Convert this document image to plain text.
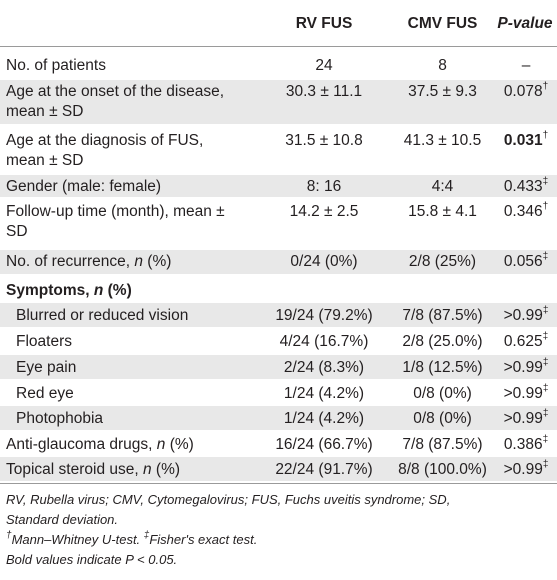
RV FUS	CMV FUS	P-value
No. of patients	24	8	–
Age at the onset of the disease,
mean ± SD
30.3 ± 11.1	37.5 ± 9.3	0.078†
Age at the diagnosis of FUS,
mean ± SD
31.5 ± 10.8	41.3 ± 10.5	0.031†
Gender (male: female)	8: 16	4:4	0.433‡
Follow-up time (month), mean ±
SD
14.2 ± 2.5	15.8 ± 4.1	0.346†
No. of recurrence, n (%)	0/24 (0%)	2/8 (25%)	0.056‡
Symptoms, n (%)
Blurred or reduced vision	19/24 (79.2%)	7/8 (87.5%)	>0.99‡
Floaters	4/24 (16.7%)	2/8 (25.0%)	0.625‡
Eye pain	2/24 (8.3%)	1/8 (12.5%)	>0.99‡
Red eye	1/24 (4.2%)	0/8 (0%)	>0.99‡
Photophobia	1/24 (4.2%)	0/8 (0%)	>0.99‡
Anti-glaucoma drugs, n (%)	16/24 (66.7%)	7/8 (87.5%)	0.386‡
Topical steroid use, n (%)	22/24 (91.7%)	8/8 (100.0%)	>0.99‡
RV, Rubella virus; CMV, Cytomegalovirus; FUS, Fuchs uveitis syndrome; SD,
Standard deviation.
†Mann–Whitney U-test. ‡Fisher's exact test.
Bold values indicate P < 0.05.
